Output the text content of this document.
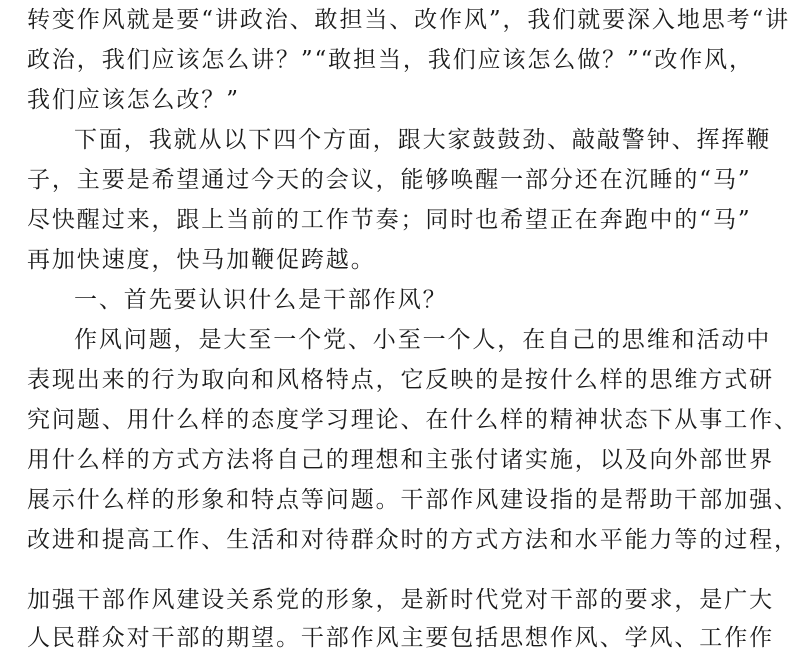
转变作风就是要“讲政治、敢担当、改作风”，我们就要深入地思考“讲
政治，我们应该怎么讲？”“敢担当，我们应该怎么做？”“改作风，
我们应该怎么改？”
下面，我就从以下四个方面，跟大家鼓鼓劲、敲敲警钟、挥挥鞭
子，主要是希望通过今天的会议，能够唤醒一部分还在沉睡的“马”
尽快醒过来，跟上当前的工作节奏；同时也希望正在奔跑中的“马”
再加快速度，快马加鞭促跨越。
一、首先要认识什么是干部作风？
作风问题，是大至一个党、小至一个人，在自己的思维和活动中
表现出来的行为取向和风格特点，它反映的是按什么样的思维方式研
究问题、用什么样的态度学习理论、在什么样的精神状态下从事工作、
用什么样的方式方法将自己的理想和主张付诸实施，以及向外部世界
展示什么样的形象和特点等问题。干部作风建设指的是帮助干部加强、
改进和提高工作、生活和对待群众时的方式方法和水平能力等的过程，
加强干部作风建设关系党的形象，是新时代党对干部的要求，是广大
人民群众对干部的期望。干部作风主要包括思想作风、学风、工作作
